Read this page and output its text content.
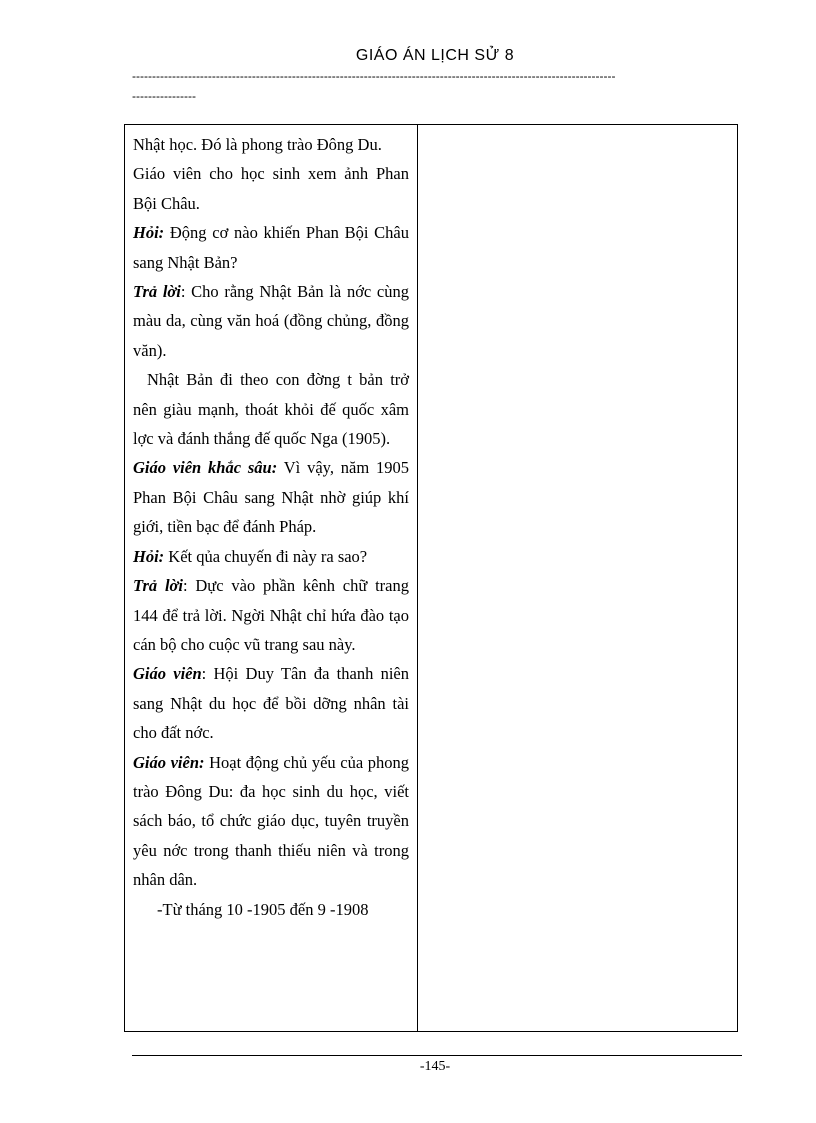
GIÁO ÁN LỊCH SỬ 8
-------------------------------------------------------------------------------------------------------------------------
----------------

Nhật học. Đó là phong trào Đông Du.

Giáo viên cho học sinh xem ảnh Phan Bội Châu.

Hỏi: Động cơ nào khiến Phan Bội Châu sang Nhật Bản?

Trả lời: Cho rằng Nhật Bản là nớc cùng màu da, cùng văn hoá (đồng chủng, đồng văn).

Nhật Bản đi theo con đờng t bản trở nên giàu mạnh, thoát khỏi đế quốc xâm lợc và đánh thắng đế quốc Nga (1905).

Giáo viên khắc sâu: Vì vậy, năm 1905 Phan Bội Châu sang Nhật nhờ giúp khí giới, tiền bạc để đánh Pháp.

Hỏi: Kết qủa chuyến đi này ra sao?

Trả lời: Dực vào phần kênh chữ trang 144 để trả lời. Ngời Nhật chỉ hứa đào tạo cán bộ cho cuộc vũ trang sau này.

Giáo viên: Hội Duy Tân đa thanh niên sang Nhật du học để bồi dỡng nhân tài cho đất nớc.

Giáo viên: Hoạt động chủ yếu của phong trào Đông Du: đa học sinh du học, viết sách báo, tổ chức giáo dục, tuyên truyền yêu nớc trong thanh thiếu niên và trong nhân dân.

-Từ tháng 10 -1905 đến 9 -1908

-145-
